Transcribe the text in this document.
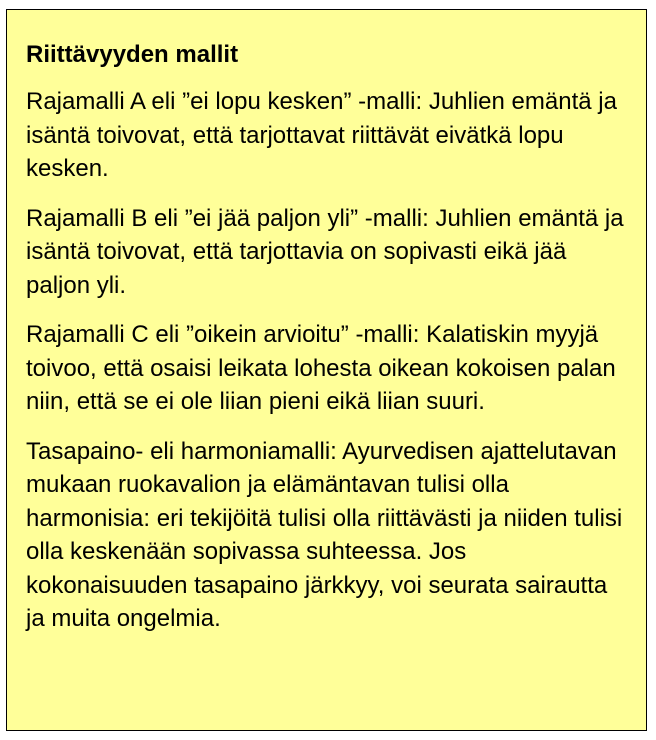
Riittävyyden mallit

Rajamalli A eli ”ei lopu kesken” -malli: Juhlien emäntä ja isäntä toivovat, että tarjottavat riittävät eivätkä lopu kesken.

Rajamalli B eli ”ei jää paljon yli” -malli: Juhlien emäntä ja isäntä toivovat, että tarjottavia on sopivasti eikä jää paljon yli.

Rajamalli C eli ”oikein arvioitu” -malli: Kalatiskin myyjä toivoo, että osaisi leikata lohesta oikean kokoisen palan niin, että se ei ole liian pieni eikä liian suuri.

Tasapaino- eli harmoniamalli: Ayurvedisen ajattelutavan mukaan ruokavalion ja elämäntavan tulisi olla harmonisia: eri tekijöitä tulisi olla riittävästi ja niiden tulisi olla keskenään sopivassa suhteessa. Jos kokonaisuuden tasapaino järkkyy, voi seurata sairautta ja muita ongelmia.
